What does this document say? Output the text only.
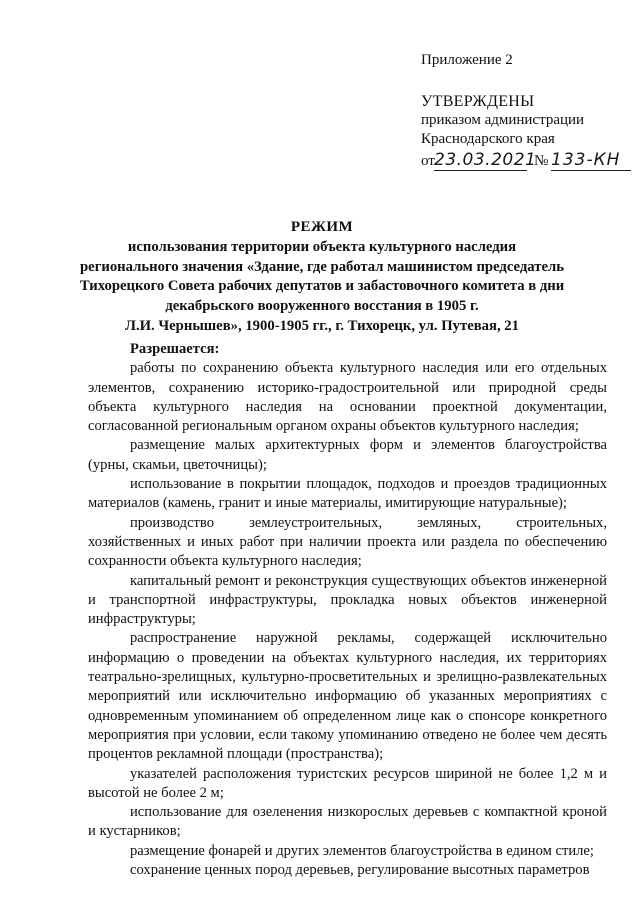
Приложение 2
УТВЕРЖДЕНЫ
приказом администрации
Краснодарского края
от 23.03.2021
№ 133-КН
РЕЖИМ
использования территории объекта культурного наследия
регионального значения «Здание, где работал машинистом председатель
Тихорецкого Совета рабочих депутатов и забастовочного комитета в дни
декабрьского вооруженного восстания в 1905 г.
Л.И. Чернышев», 1900-1905 гг., г. Тихорецк, ул. Путевая, 21
Разрешается:

работы по сохранению объекта культурного наследия или его отдельных элементов, сохранению историко-градостроительной или природной среды объекта культурного наследия на основании проектной документации, согласованной региональным органом охраны объектов культурного наследия;

размещение малых архитектурных форм и элементов благоустройства (урны, скамьи, цветочницы);

использование в покрытии площадок, подходов и проездов традиционных материалов (камень, гранит и иные материалы, имитирующие натуральные);

производство землеустроительных, земляных, строительных, хозяйственных и иных работ при наличии проекта или раздела по обеспечению сохранности объекта культурного наследия;

капитальный ремонт и реконструкция существующих объектов инженерной и транспортной инфраструктуры, прокладка новых объектов инженерной инфраструктуры;

распространение наружной рекламы, содержащей исключительно информацию о проведении на объектах культурного наследия, их территориях театрально-зрелищных, культурно-просветительных и зрелищно-развлекательных мероприятий или исключительно информацию об указанных мероприятиях с одновременным упоминанием об определенном лице как о спонсоре конкретного мероприятия при условии, если такому упоминанию отведено не более чем десять процентов рекламной площади (пространства);

указателей расположения туристских ресурсов шириной не более 1,2 м и высотой не более 2 м;

использование для озеленения низкорослых деревьев с компактной кроной и кустарников;

размещение фонарей и других элементов благоустройства в едином стиле;

сохранение ценных пород деревьев, регулирование высотных параметров
